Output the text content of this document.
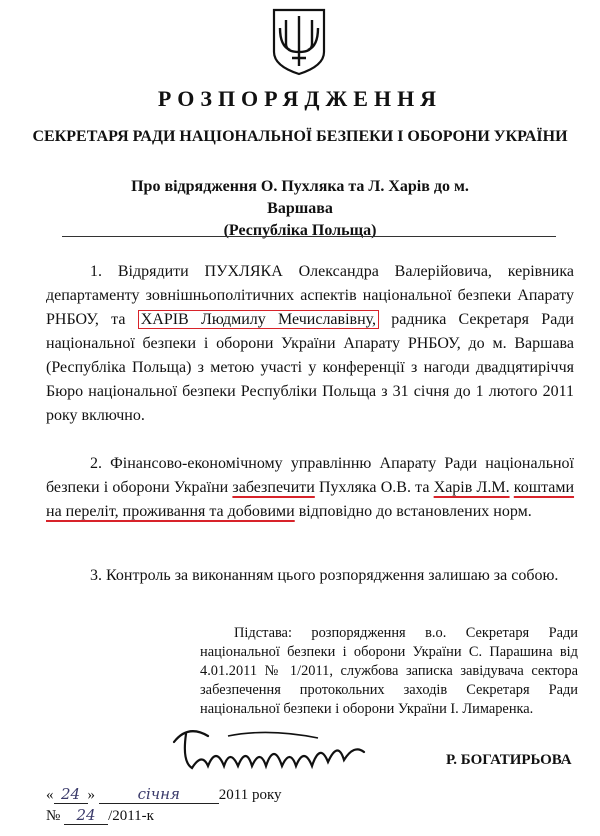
РОЗПОРЯДЖЕННЯ
СЕКРЕТАРЯ РАДИ НАЦІОНАЛЬНОЇ БЕЗПЕКИ І ОБОРОНИ УКРАЇНИ
Про відрядження О. Пухляка та Л. Харів до м. Варшава
(Республіка Польща)
1. Відрядити ПУХЛЯКА Олександра Валерійовича, керівника департаменту зовнішньополітичних аспектів національної безпеки Апарату РНБОУ, та ХАРІВ Людмилу Мечиславівну, радника Секретаря Ради національної безпеки і оборони України Апарату РНБОУ, до м. Варшава (Республіка Польща) з метою участі у конференції з нагоди двадцятиріччя Бюро національної безпеки Республіки Польща з 31 січня до 1 лютого 2011 року включно.
2. Фінансово-економічному управлінню Апарату Ради національної безпеки і оборони України забезпечити Пухляка О.В. та Харів Л.М. коштами на переліт, проживання та добовими відповідно до встановлених норм.
3. Контроль за виконанням цього розпорядження залишаю за собою.
Підстава: розпорядження в.о. Секретаря Ради національної безпеки і оборони України С. Парашина від 4.01.2011 № 1/2011, службова записка завідувача сектора забезпечення протокольних заходів Секретаря Ради національної безпеки і оборони України І. Лимаренка.
Р. БОГАТИРЬОВА
« 24 »	січня	2011 року
№ 24 /2011-к
